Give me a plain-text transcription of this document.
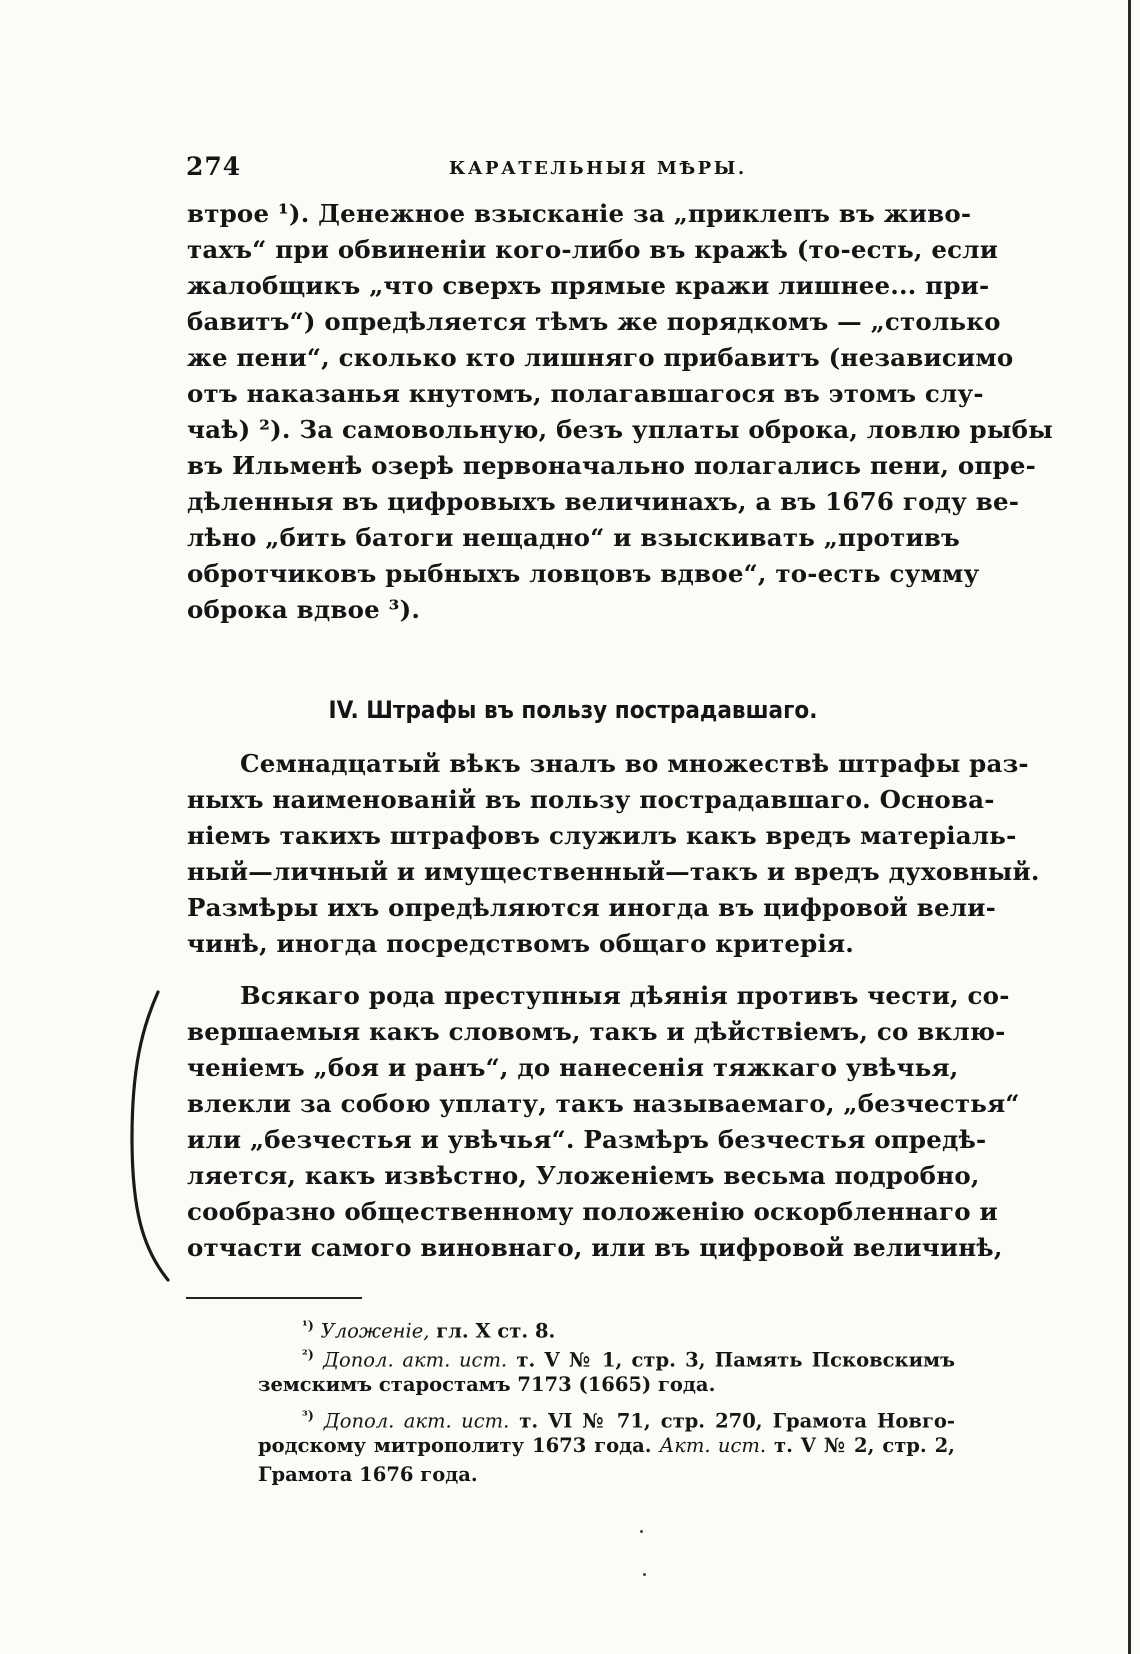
274	КАРАТЕЛЬНЫЯ МѢРЫ.
втрое ¹). Денежное взысканіе за „приклепъ въ живо-
тахъ“ при обвиненіи кого-либо въ кражѣ (то-есть, если
жалобщикъ „что сверхъ прямые кражи лишнее... при-
бавитъ“) опредѣляется тѣмъ же порядкомъ — „столько
же пени“, сколько кто лишняго прибавитъ (независимо
отъ наказанья кнутомъ, полагавшагося въ этомъ слу-
чаѣ) ²). За самовольную, безъ уплаты оброка, ловлю рыбы
въ Ильменѣ озерѣ первоначально полагались пени, опре-
дѣленныя въ цифровыхъ величинахъ, а въ 1676 году ве-
лѣно „бить батоги нещадно“ и взыскивать „противъ
обротчиковъ рыбныхъ ловцовъ вдвое“, то-есть сумму
оброка вдвое ³).
IV. Штрафы въ пользу пострадавшаго.
Семнадцатый вѣкъ зналъ во множествѣ штрафы раз-
ныхъ наименованій въ пользу пострадавшаго. Основа-
ніемъ такихъ штрафовъ служилъ какъ вредъ матеріаль-
ный—личный и имущественный—такъ и вредъ духовный.
Размѣры ихъ опредѣляются иногда въ цифровой вели-
чинѣ, иногда посредствомъ общаго критерія.
Всякаго рода преступныя дѣянія противъ чести, со-
вершаемыя какъ словомъ, такъ и дѣйствіемъ, со вклю-
ченіемъ „боя и ранъ“, до нанесенія тяжкаго увѣчья,
влекли за собою уплату, такъ называемаго, „безчестья“
или „безчестья и увѣчья“. Размѣръ безчестья опредѣ-
ляется, какъ извѣстно, Уложеніемъ весьма подробно,
сообразно общественному положенію оскорбленнаго и
отчасти самого виновнаго, или въ цифровой величинѣ,
$^{^1)}$ Уложеніе, гл. X ст. 8.
$^{^2)}$ Допол. акт. ист. т. V № 1, стр. 3, Память Псковскимъ
земскимъ старостамъ 7173 (1665) года.
$^{^3)}$ Допол. акт. ист. т. VI № 71, стр. 270, Грамота Новго-
родскому митрополиту 1673 года. Акт. ист. т. V № 2, стр. 2,
Грамота 1676 года.
